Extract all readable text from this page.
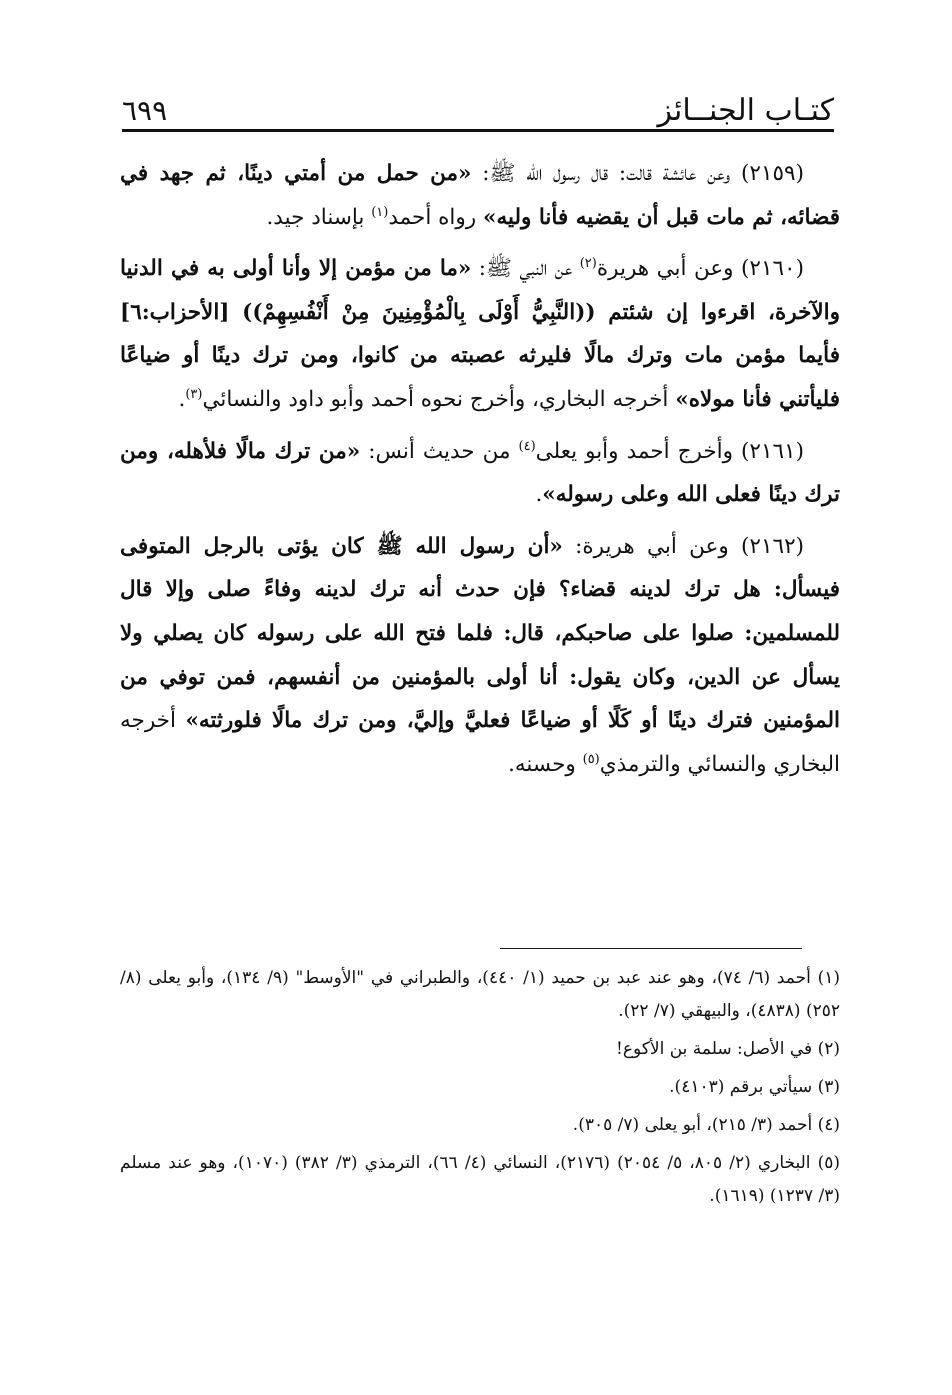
كتـاب الجنــائز
٦٩٩

(٢١٥٩) وعن عائشة قالت: قال رسول الله ﷺ: «من حمل من أمتي دينًا، ثم جهد في قضائه، ثم مات قبل أن يقضيه فأنا وليه» رواه أحمد$^{(١)}$ بإسناد جيد.

(٢١٦٠) وعن أبي هريرة$^{(٢)}$ عن النبي ﷺ: «ما من مؤمن إلا وأنا أولى به في الدنيا والآخرة، اقرءوا إن شئتم ((النَّبِيُّ أَوْلَى بِالْمُؤْمِنِينَ مِنْ أَنْفُسِهِمْ)) [الأحزاب:٦] فأيما مؤمن مات وترك مالًا فليرثه عصبته من كانوا، ومن ترك دينًا أو ضياعًا فليأتني فأنا مولاه» أخرجه البخاري، وأخرج نحوه أحمد وأبو داود والنسائي$^{(٣)}$.

(٢١٦١) وأخرج أحمد وأبو يعلى$^{(٤)}$ من حديث أنس: «من ترك مالًا فلأهله، ومن ترك دينًا فعلى الله وعلى رسوله».

(٢١٦٢) وعن أبي هريرة: «أن رسول الله ﷺ كان يؤتى بالرجل المتوفى فيسأل: هل ترك لدينه قضاء؟ فإن حدث أنه ترك لدينه وفاءً صلى وإلا قال للمسلمين: صلوا على صاحبكم، قال: فلما فتح الله على رسوله كان يصلي ولا يسأل عن الدين، وكان يقول: أنا أولى بالمؤمنين من أنفسهم، فمن توفي من المؤمنين فترك دينًا أو كَلًا أو ضياعًا فعليَّ وإليَّ، ومن ترك مالًا فلورثته» أخرجه البخاري والنسائي والترمذي$^{(٥)}$ وحسنه.

(١) أحمد (٦/ ٧٤)، وهو عند عبد بن حميد (١/ ٤٤٠)، والطبراني في "الأوسط" (٩/ ١٣٤)، وأبو يعلى (٨/ ٢٥٢) (٤٨٣٨)، والبيهقي (٧/ ٢٢).

(٢) في الأصل: سلمة بن الأكوع!

(٣) سيأتي برقم (٤١٠٣).

(٤) أحمد (٣/ ٢١٥)، أبو يعلى (٧/ ٣٠٥).

(٥) البخاري (٢/ ٨٠٥، ٥/ ٢٠٥٤) (٢١٧٦)، النسائي (٤/ ٦٦)، الترمذي (٣/ ٣٨٢) (١٠٧٠)، وهو عند مسلم (٣/ ١٢٣٧) (١٦١٩).
